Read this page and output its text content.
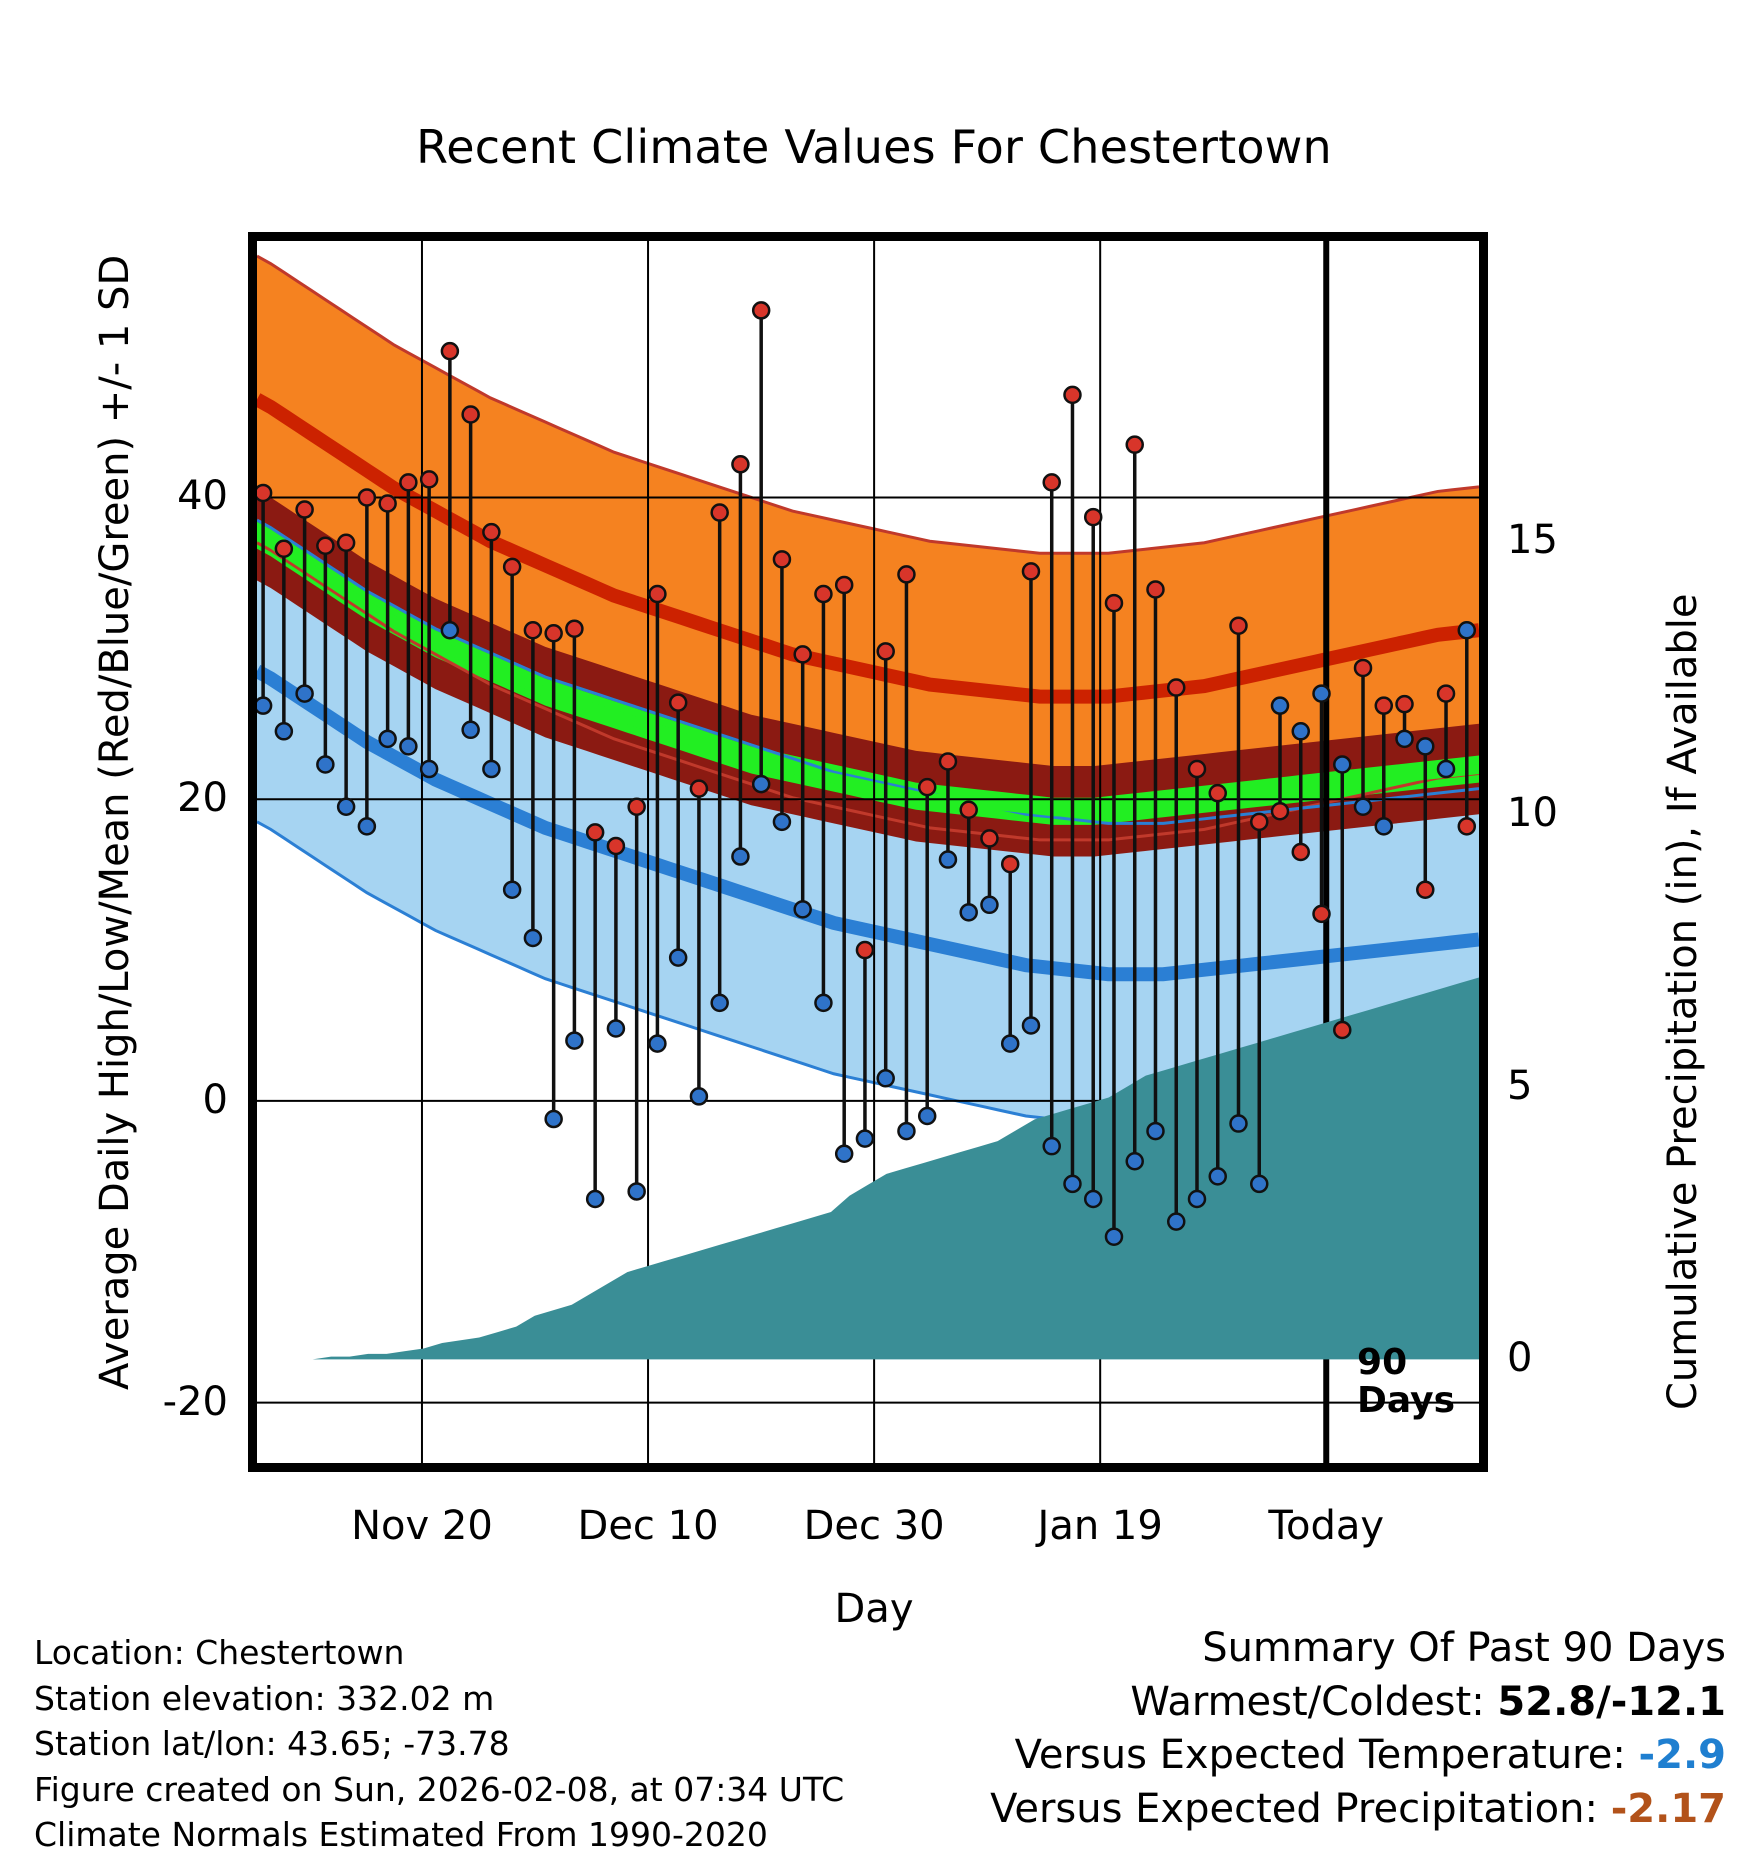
Recent Climate Values For Chestertown
Average Daily High/Low/Mean (Red/Blue/Green) +/- 1 SD	Cumulative Precipitation (in), If Available
90
Days
40
20
0
-20
15
10
5
0
Nov 20	Dec 10	Dec 30	Jan 19	Today
Day
Location: Chestertown
Station elevation: 332.02 m
Station lat/lon: 43.65; -73.78
Figure created on Sun, 2026-02-08, at 07:34 UTC
Climate Normals Estimated From 1990-2020
Summary Of Past 90 Days
Warmest/Coldest: 52.8/-12.1
Versus Expected Temperature: -2.9
Versus Expected Precipitation: -2.17
